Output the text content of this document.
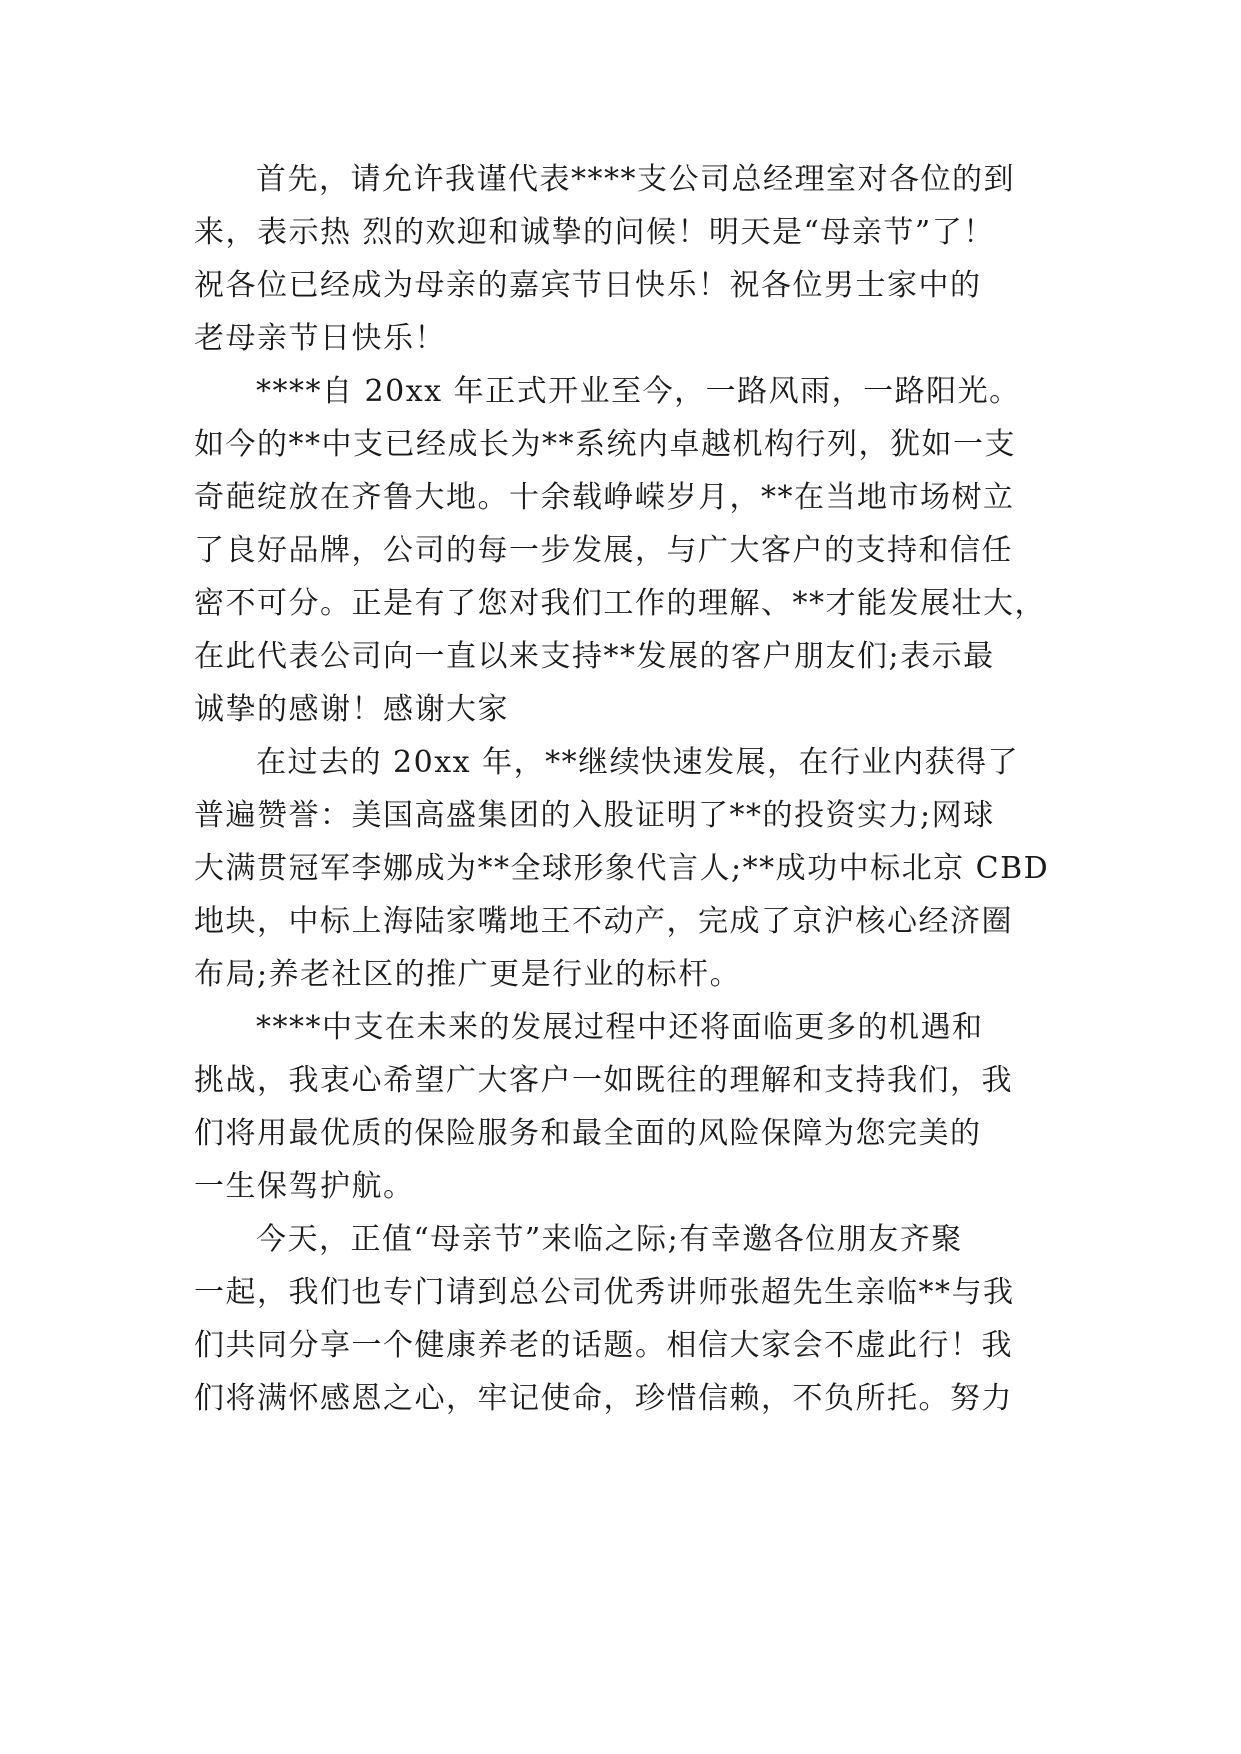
首先，请允许我谨代表****支公司总经理室对各位的到
来，表示热 烈的欢迎和诚挚的问候！明天是“母亲节”了！
祝各位已经成为母亲的嘉宾节日快乐！祝各位男士家中的
老母亲节日快乐！
****自 20xx 年正式开业至今，一路风雨，一路阳光。
如今的**中支已经成长为**系统内卓越机构行列，犹如一支
奇葩绽放在齐鲁大地。十余载峥嵘岁月，**在当地市场树立
了良好品牌，公司的每一步发展，与广大客户的支持和信任
密不可分。正是有了您对我们工作的理解、**才能发展壮大，
在此代表公司向一直以来支持**发展的客户朋友们;表示最
诚挚的感谢！感谢大家
在过去的 20xx 年，**继续快速发展，在行业内获得了
普遍赞誉：美国高盛集团的入股证明了**的投资实力;网球
大满贯冠军李娜成为**全球形象代言人;**成功中标北京 CBD
地块，中标上海陆家嘴地王不动产，完成了京沪核心经济圈
布局;养老社区的推广更是行业的标杆。
****中支在未来的发展过程中还将面临更多的机遇和
挑战，我衷心希望广大客户一如既往的理解和支持我们，我
们将用最优质的保险服务和最全面的风险保障为您完美的
一生保驾护航。
今天，正值“母亲节”来临之际;有幸邀各位朋友齐聚
一起，我们也专门请到总公司优秀讲师张超先生亲临**与我
们共同分享一个健康养老的话题。相信大家会不虚此行！我
们将满怀感恩之心，牢记使命，珍惜信赖，不负所托。努力
